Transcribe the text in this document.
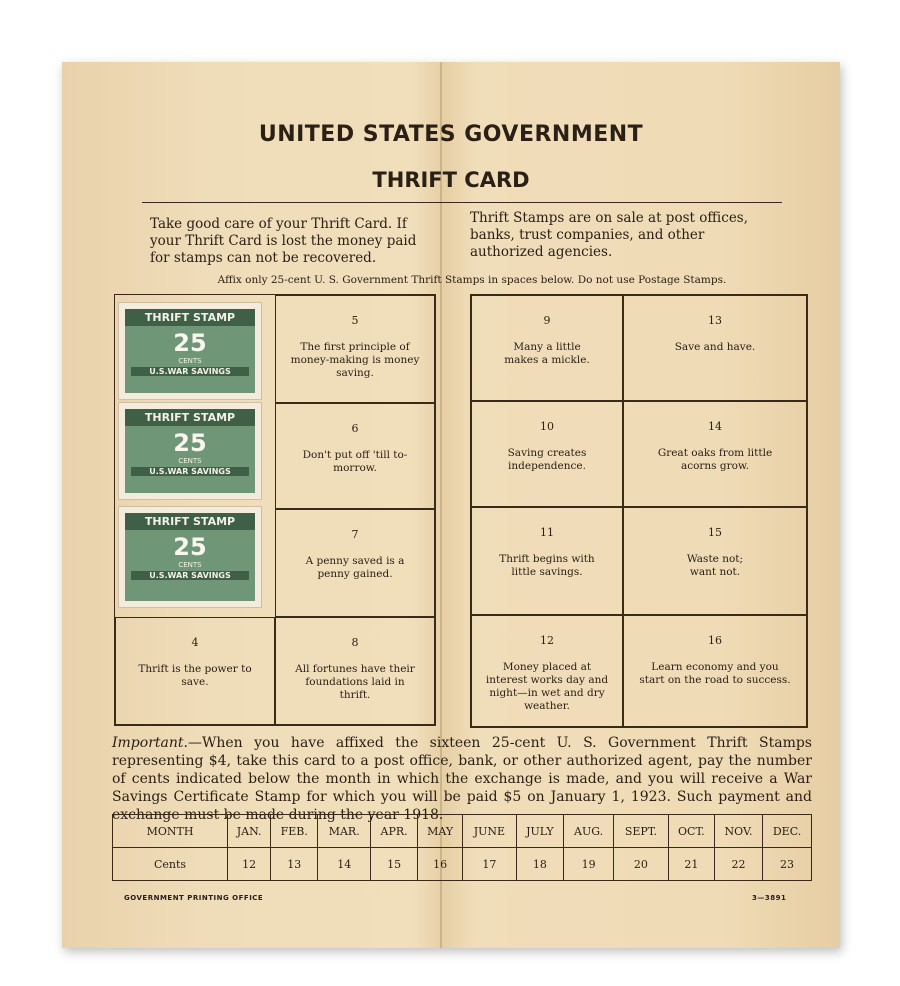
UNITED STATES GOVERNMENT
THRIFT CARD
Take good care of your Thrift Card. If your Thrift Card is lost the money paid for stamps can not be recovered.
Thrift Stamps are on sale at post offices, banks, trust companies, and other authorized agencies.
Affix only 25-cent U. S. Government Thrift Stamps in spaces below. Do not use Postage Stamps.
THRIFT STAMP
25
CENTS
U.S.WAR SAVINGS
THRIFT STAMP
25
CENTS
U.S.WAR SAVINGS
THRIFT STAMP
25
CENTS
U.S.WAR SAVINGS
4
Thrift is the power to save.
5
The first principle of money-making is money saving.
6
Don't put off 'till to-morrow.
7
A penny saved is a penny gained.
8
All fortunes have their foundations laid in thrift.
9
Many a little makes a mickle.
10
Saving creates independence.
11
Thrift begins with little savings.
12
Money placed at interest works day and night—in wet and dry weather.
13
Save and have.
14
Great oaks from little acorns grow.
15
Waste not; want not.
16
Learn economy and you start on the road to success.
Important.—When you have affixed the sixteen 25-cent U. S. Government Thrift Stamps representing $4, take this card to a post office, bank, or other authorized agent, pay the number of cents indicated below the month in which the exchange is made, and you will receive a War Savings Certificate Stamp for which you will be paid $5 on January 1, 1923. Such payment and exchange must be made during the year 1918.
MONTH	JAN.	FEB.	MAR.	APR.	MAY	JUNE	JULY	AUG.	SEPT.	OCT.	NOV.	DEC.
Cents	12	13	14	15	16	17	18	19	20	21	22	23
GOVERNMENT PRINTING OFFICE	3—3891
